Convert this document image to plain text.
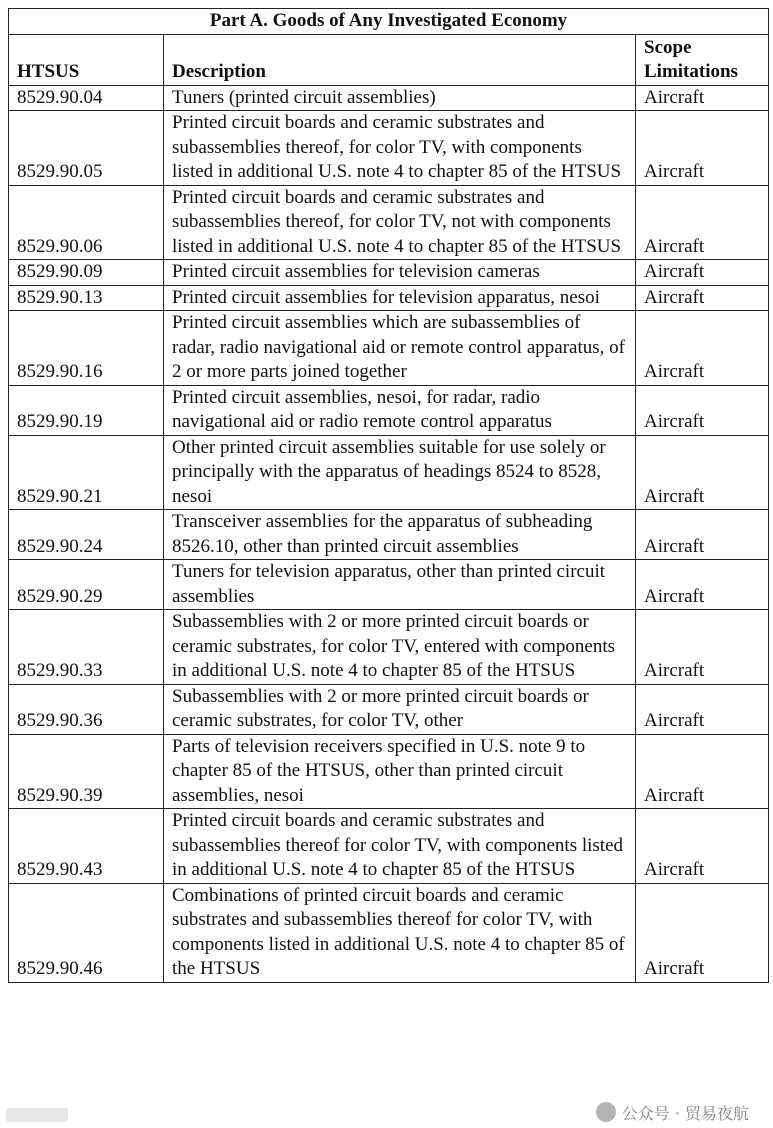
Part A. Goods of Any Investigated Economy		
HTSUS	Description	Scope Limitations
8529.90.04	Tuners (printed circuit assemblies)	Aircraft
8529.90.05	Printed circuit boards and ceramic substrates and subassemblies thereof, for color TV, with components listed in additional U.S. note 4 to chapter 85 of the HTSUS	Aircraft
8529.90.06	Printed circuit boards and ceramic substrates and subassemblies thereof, for color TV, not with components listed in additional U.S. note 4 to chapter 85 of the HTSUS	Aircraft
8529.90.09	Printed circuit assemblies for television cameras	Aircraft
8529.90.13	Printed circuit assemblies for television apparatus, nesoi	Aircraft
8529.90.16	Printed circuit assemblies which are subassemblies of radar, radio navigational aid or remote control apparatus, of 2 or more parts joined together	Aircraft
8529.90.19	Printed circuit assemblies, nesoi, for radar, radio navigational aid or radio remote control apparatus	Aircraft
8529.90.21	Other printed circuit assemblies suitable for use solely or principally with the apparatus of headings 8524 to 8528, nesoi	Aircraft
8529.90.24	Transceiver assemblies for the apparatus of subheading 8526.10, other than printed circuit assemblies	Aircraft
8529.90.29	Tuners for television apparatus, other than printed circuit assemblies	Aircraft
8529.90.33	Subassemblies with 2 or more printed circuit boards or ceramic substrates, for color TV, entered with components in additional U.S. note 4 to chapter 85 of the HTSUS	Aircraft
8529.90.36	Subassemblies with 2 or more printed circuit boards or ceramic substrates, for color TV, other	Aircraft
8529.90.39	Parts of television receivers specified in U.S. note 9 to chapter 85 of the HTSUS, other than printed circuit assemblies, nesoi	Aircraft
8529.90.43	Printed circuit boards and ceramic substrates and subassemblies thereof for color TV, with components listed in additional U.S. note 4 to chapter 85 of the HTSUS	Aircraft
8529.90.46	Combinations of printed circuit boards and ceramic substrates and subassemblies thereof for color TV, with components listed in additional U.S. note 4 to chapter 85 of the HTSUS	Aircraft
公众号 · 贸易夜航
